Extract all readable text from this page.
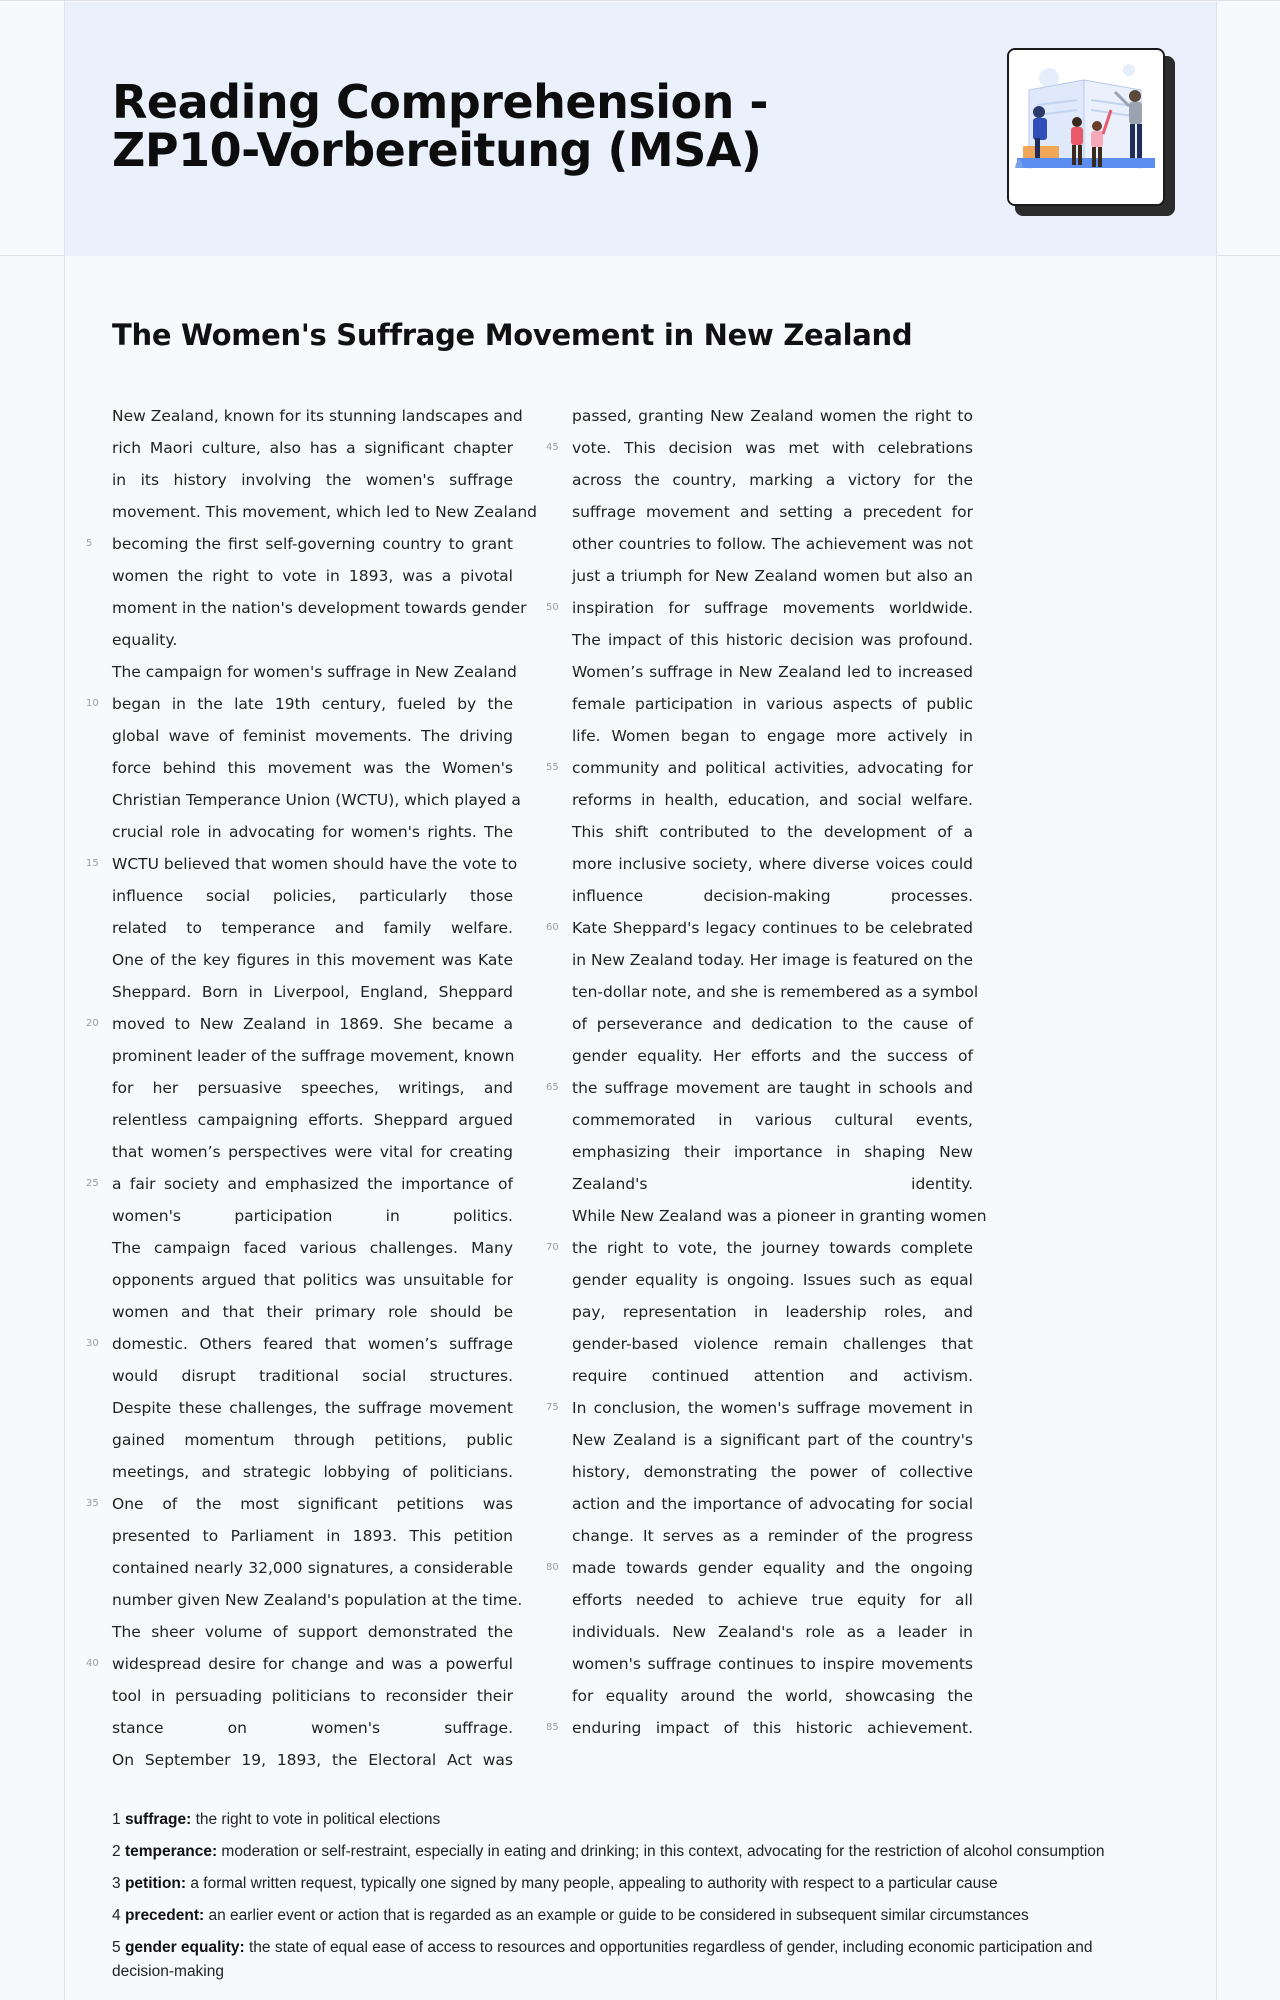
Reading Comprehension -
ZP10-Vorbereitung (MSA)
The Women's Suffrage Movement in New Zealand
New Zealand, known for its stunning landscapes and
rich Maori culture, also has a significant chapter
in its history involving the women's suffrage
movement. This movement, which led to New Zealand
5	becoming the first self-governing country to grant
women the right to vote in 1893, was a pivotal
moment in the nation's development towards gender
equality.
The campaign for women's suffrage in New Zealand
10 began in the late 19th century, fueled by the
global wave of feminist movements. The driving
force behind this movement was the Women's
Christian Temperance Union (WCTU), which played a
crucial role in advocating for women's rights. The
15 WCTU believed that women should have the vote to
influence social policies, particularly those
related to temperance and family welfare.
One of the key figures in this movement was Kate
Sheppard. Born in Liverpool, England, Sheppard
20 moved to New Zealand in 1869. She became a
prominent leader of the suffrage movement, known
for her persuasive speeches, writings, and
relentless campaigning efforts. Sheppard argued
that women’s perspectives were vital for creating
25 a fair society and emphasized the importance of
women's participation in politics.
The campaign faced various challenges. Many
opponents argued that politics was unsuitable for
women and that their primary role should be
30 domestic. Others feared that women’s suffrage
would disrupt traditional social structures.
Despite these challenges, the suffrage movement
gained momentum through petitions, public
meetings, and strategic lobbying of politicians.
35 One of the most significant petitions was
presented to Parliament in 1893. This petition
contained nearly 32,000 signatures, a considerable
number given New Zealand's population at the time.
The sheer volume of support demonstrated the
40 widespread desire for change and was a powerful
tool in persuading politicians to reconsider their
stance on women's suffrage.
On September 19, 1893, the Electoral Act was
passed, granting New Zealand women the right to
45 vote. This decision was met with celebrations
across the country, marking a victory for the
suffrage movement and setting a precedent for
other countries to follow. The achievement was not
just a triumph for New Zealand women but also an
50 inspiration for suffrage movements worldwide.
The impact of this historic decision was profound.
Women’s suffrage in New Zealand led to increased
female participation in various aspects of public
life. Women began to engage more actively in
55 community and political activities, advocating for
reforms in health, education, and social welfare.
This shift contributed to the development of a
more inclusive society, where diverse voices could
influence decision-making processes.
60 Kate Sheppard's legacy continues to be celebrated
in New Zealand today. Her image is featured on the
ten-dollar note, and she is remembered as a symbol
of perseverance and dedication to the cause of
gender equality. Her efforts and the success of
65 the suffrage movement are taught in schools and
commemorated in various cultural events,
emphasizing their importance in shaping New
Zealand's identity.
While New Zealand was a pioneer in granting women
70 the right to vote, the journey towards complete
gender equality is ongoing. Issues such as equal
pay, representation in leadership roles, and
gender-based violence remain challenges that
require continued attention and activism.
75 In conclusion, the women's suffrage movement in
New Zealand is a significant part of the country's
history, demonstrating the power of collective
action and the importance of advocating for social
change. It serves as a reminder of the progress
80 made towards gender equality and the ongoing
efforts needed to achieve true equity for all
individuals. New Zealand's role as a leader in
women's suffrage continues to inspire movements
for equality around the world, showcasing the
85 enduring impact of this historic achievement.
1 suffrage: the right to vote in political elections
2 temperance: moderation or self-restraint, especially in eating and drinking; in this context, advocating for the restriction of alcohol consumption
3 petition: a formal written request, typically one signed by many people, appealing to authority with respect to a particular cause
4 precedent: an earlier event or action that is regarded as an example or guide to be considered in subsequent similar circumstances
5 gender equality: the state of equal ease of access to resources and opportunities regardless of gender, including economic participation and decision-making
